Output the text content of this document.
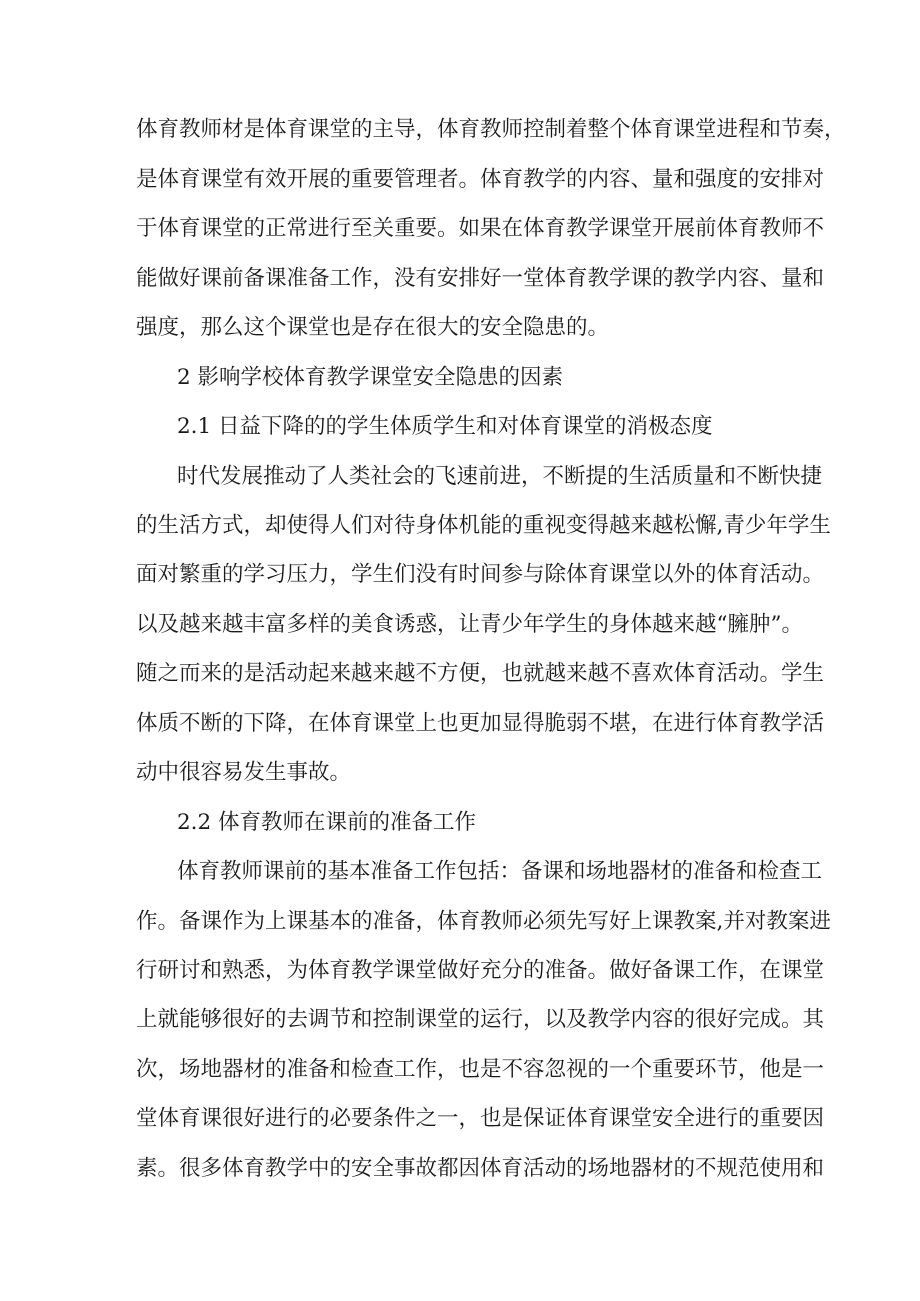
体育教师材是体育课堂的主导，体育教师控制着整个体育课堂进程和节奏，
是体育课堂有效开展的重要管理者。体育教学的内容、量和强度的安排对
于体育课堂的正常进行至关重要。如果在体育教学课堂开展前体育教师不
能做好课前备课准备工作，没有安排好一堂体育教学课的教学内容、量和
强度，那么这个课堂也是存在很大的安全隐患的。
2 影响学校体育教学课堂安全隐患的因素
2.1 日益下降的的学生体质学生和对体育课堂的消极态度
时代发展推动了人类社会的飞速前进，不断提的生活质量和不断快捷
的生活方式，却使得人们对待身体机能的重视变得越来越松懈,青少年学生
面对繁重的学习压力，学生们没有时间参与除体育课堂以外的体育活动。
以及越来越丰富多样的美食诱惑，让青少年学生的身体越来越“臃肿”。
随之而来的是活动起来越来越不方便，也就越来越不喜欢体育活动。学生
体质不断的下降，在体育课堂上也更加显得脆弱不堪，在进行体育教学活
动中很容易发生事故。
2.2 体育教师在课前的准备工作
体育教师课前的基本准备工作包括：备课和场地器材的准备和检查工
作。备课作为上课基本的准备，体育教师必须先写好上课教案,并对教案进
行研讨和熟悉，为体育教学课堂做好充分的准备。做好备课工作，在课堂
上就能够很好的去调节和控制课堂的运行，以及教学内容的很好完成。其
次，场地器材的准备和检查工作，也是不容忽视的一个重要环节，他是一
堂体育课很好进行的必要条件之一，也是保证体育课堂安全进行的重要因
素。很多体育教学中的安全事故都因体育活动的场地器材的不规范使用和
